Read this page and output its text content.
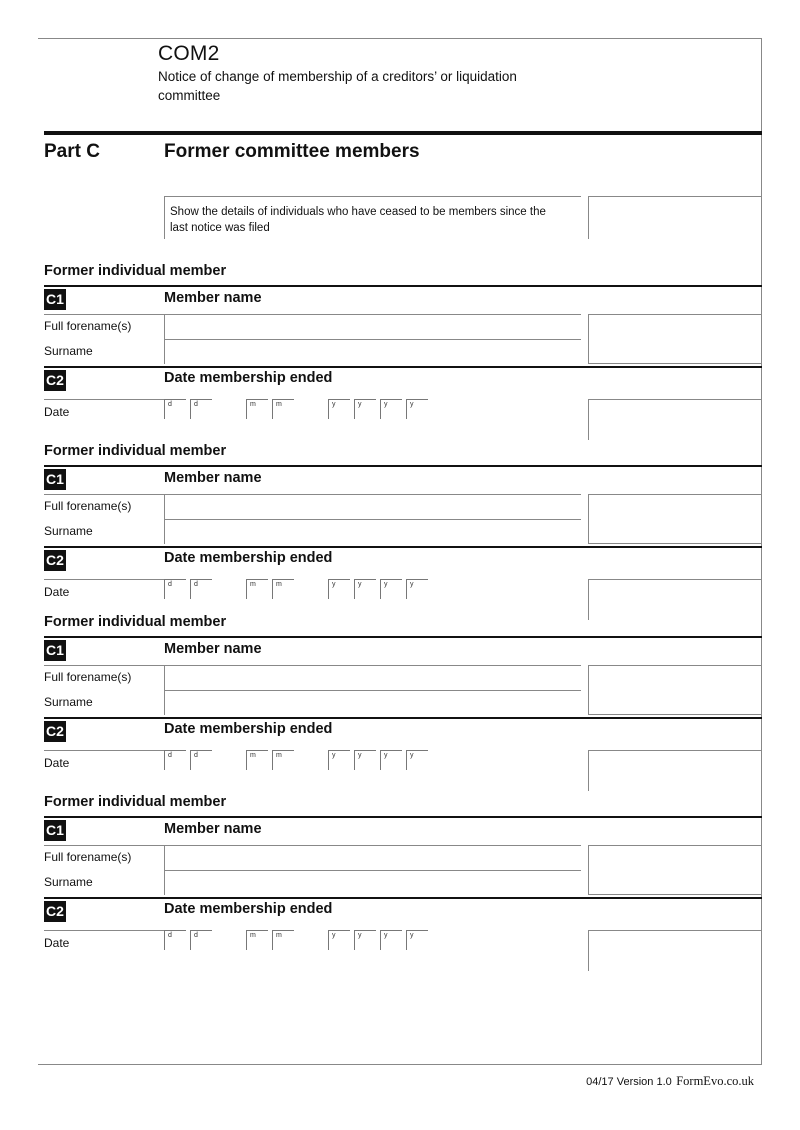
COM2
Notice of change of membership of a creditors’ or liquidation
committee
Part C	Former committee members
Show the details of individuals who have ceased to be members since the
last notice was filed
Former individual member
C1	Member name
Full forename(s)
Surname
C2	Date membership ended
Date
d	d	m	m	y	y	y	y
Former individual member
C1	Member name
Full forename(s)
Surname
C2	Date membership ended
Date
d	d	m	m	y	y	y	y
Former individual member
C1	Member name
Full forename(s)
Surname
C2	Date membership ended
Date
d	d	m	m	y	y	y	y
Former individual member
C1	Member name
Full forename(s)
Surname
C2	Date membership ended
Date
d	d	m	m	y	y	y	y
04/17 Version 1.0 FormEvo.co.uk
